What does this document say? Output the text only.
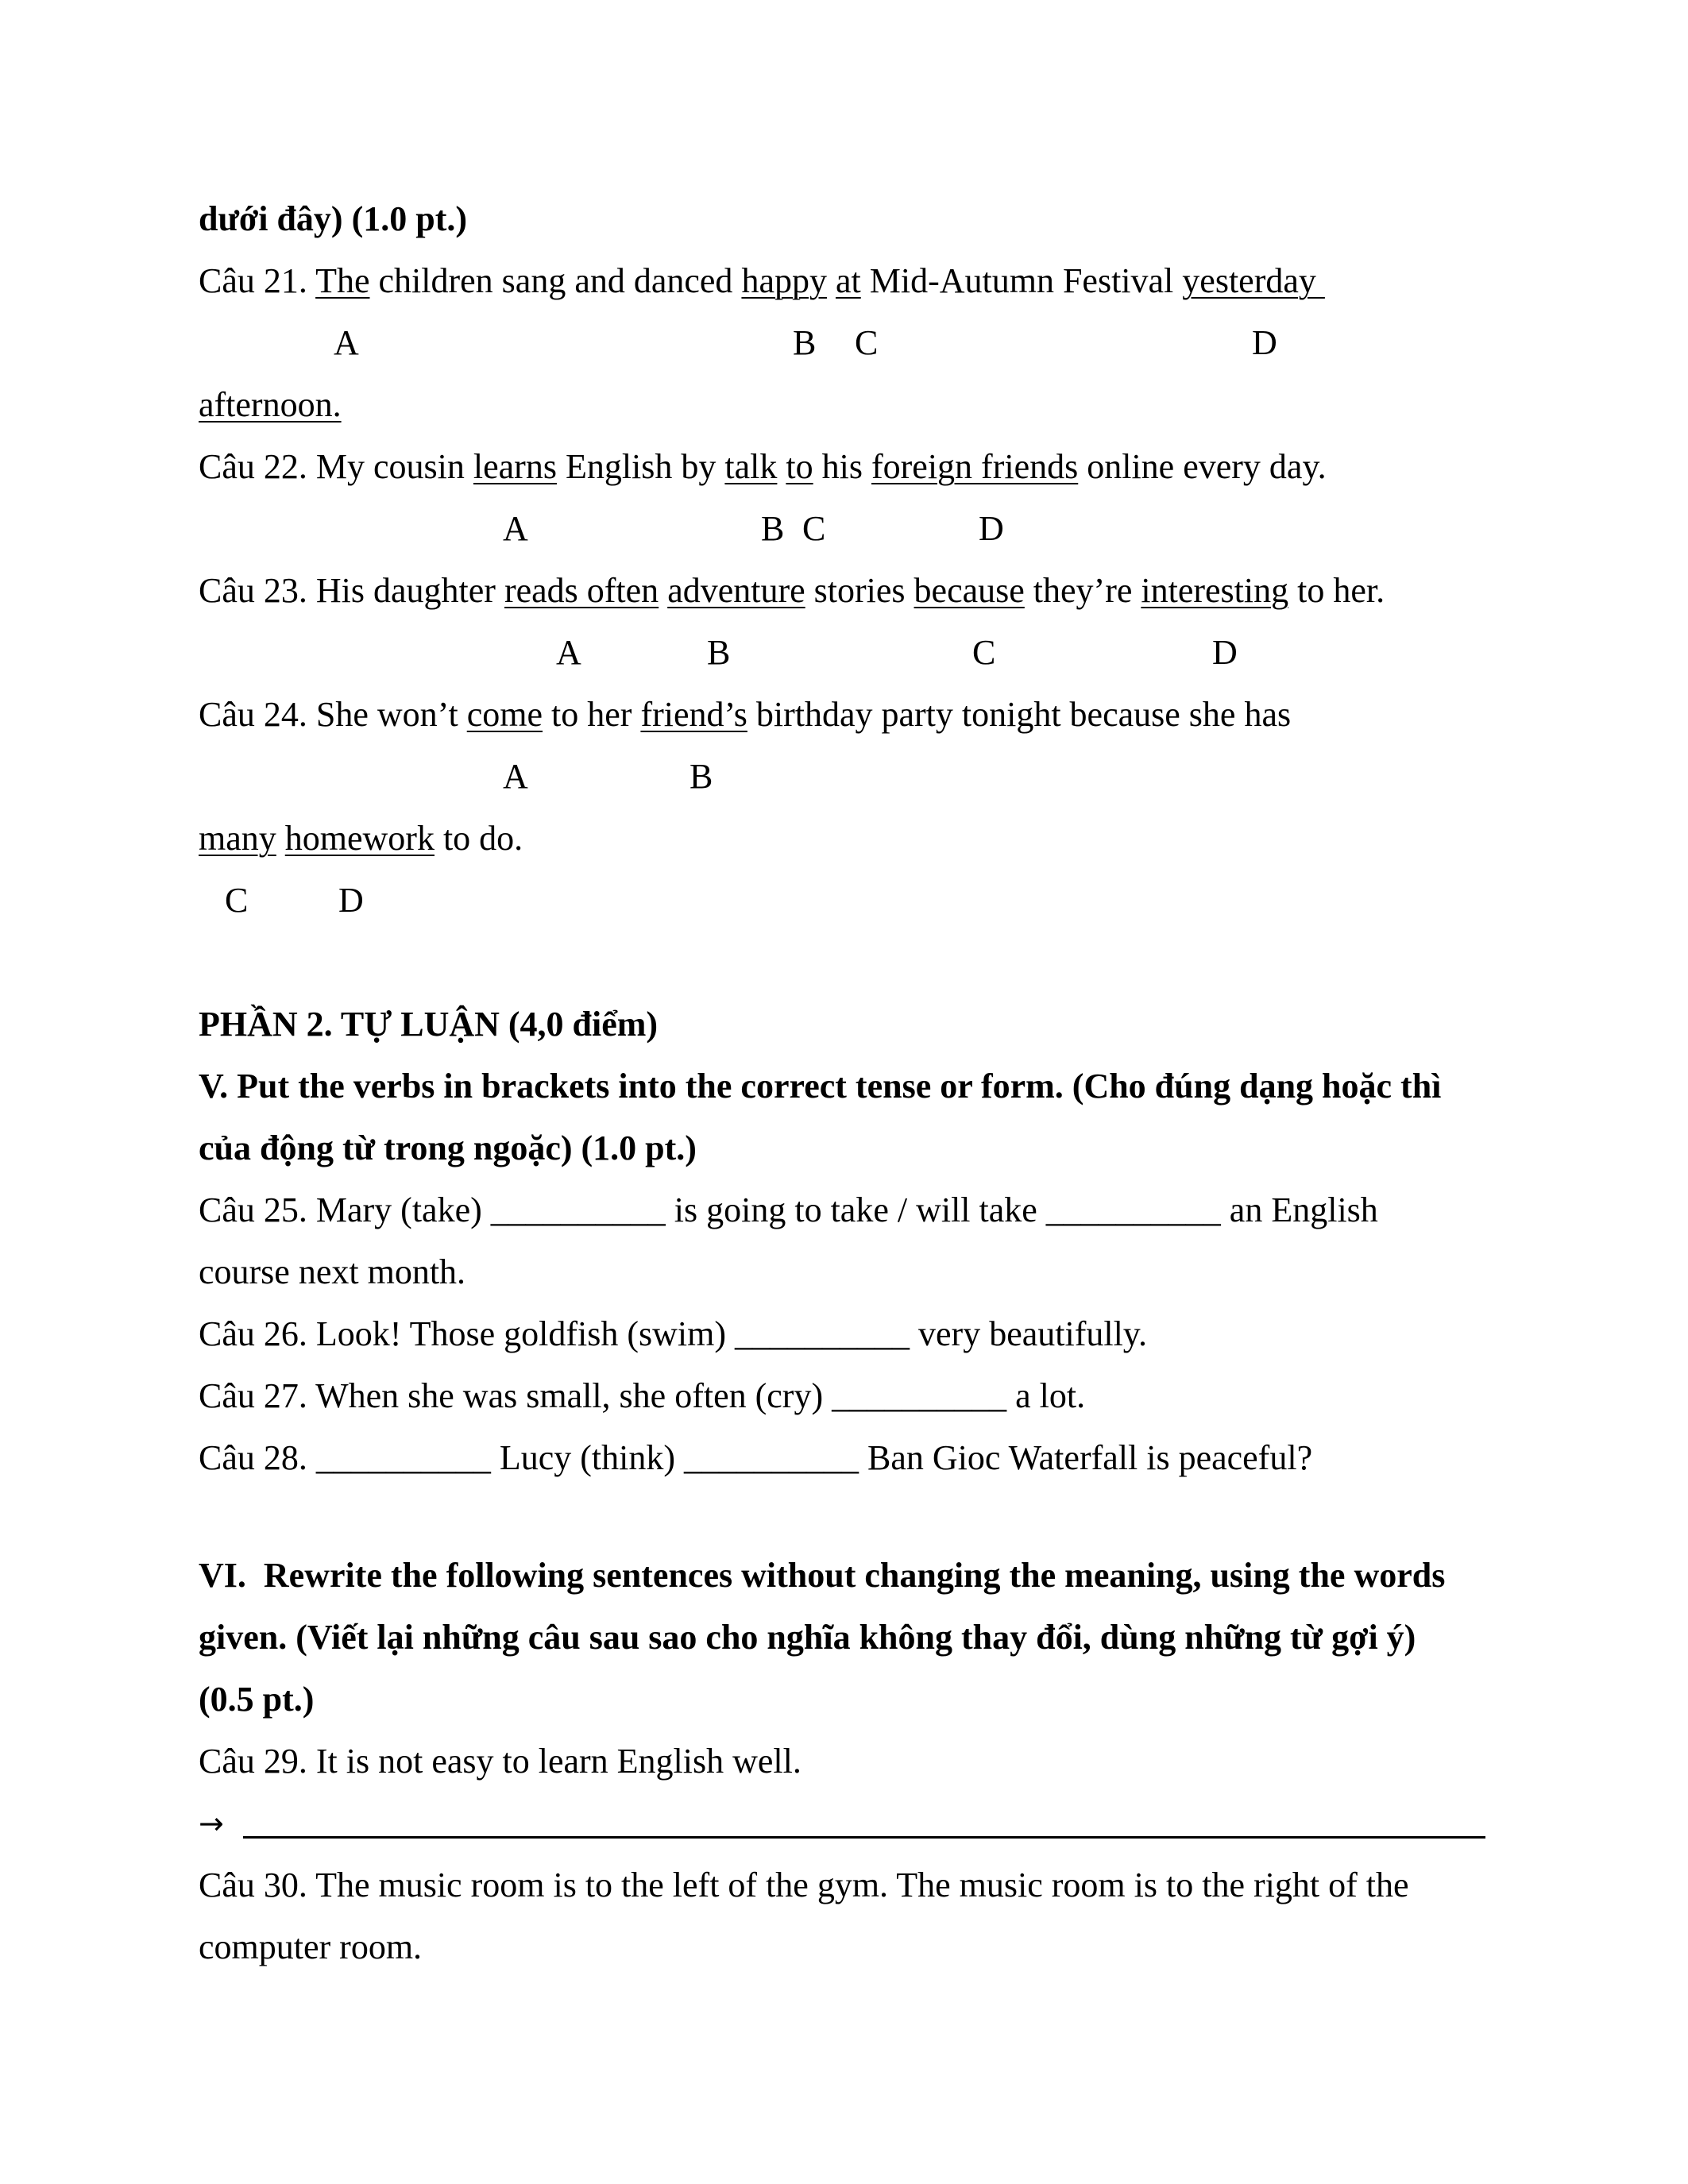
dưới đây) (1.0 pt.)
Câu 21. The children sang and danced happy at Mid-Autumn Festival yesterday
A	B C	D
afternoon.
Câu 22. My cousin learns English by talk to his foreign friends online every day.
A	B C	D
Câu 23. His daughter reads often adventure stories because they’re interesting to her.
A	B	C	D
Câu 24. She won’t come to her friend’s birthday party tonight because she has
A	B
many homework to do.
C	D
PHẦN 2. TỰ LUẬN (4,0 điểm)
V. Put the verbs in brackets into the correct tense or form. (Cho đúng dạng hoặc thì
của động từ trong ngoặc) (1.0 pt.)
Câu 25. Mary (take) __________ is going to take / will take __________ an English
course next month.
Câu 26. Look! Those goldfish (swim) __________ very beautifully.
Câu 27. When she was small, she often (cry) __________ a lot.
Câu 28. __________ Lucy (think) __________ Ban Gioc Waterfall is peaceful?
VI.  Rewrite the following sentences without changing the meaning, using the words
given. (Viết lại những câu sau sao cho nghĩa không thay đổi, dùng những từ gợi ý)
(0.5 pt.)
Câu 29. It is not easy to learn English well.
→
Câu 30. The music room is to the left of the gym. The music room is to the right of the
computer room.
